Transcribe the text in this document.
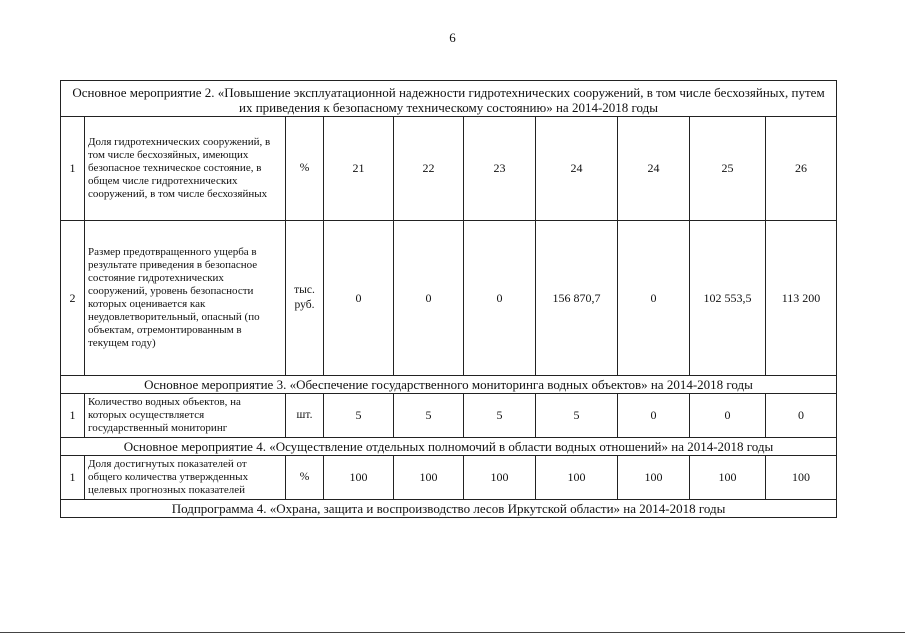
6
Основное мероприятие 2. «Повышение эксплуатационной надежности гидротехнических сооружений, в том числе бесхозяйных, путем их приведения к безопасному техническому состоянию» на 2014-2018 годы									
1	Доля гидротехнических сооружений, в том числе бесхозяйных, имеющих безопасное техническое состояние, в общем числе гидротехнических сооружений, в том числе бесхозяйных	%	21	22	23	24	24	25	26
2	Размер предотвращенного ущерба в результате приведения в безопасное состояние гидротехнических сооружений, уровень безопасности которых оценивается как неудовлетворительный, опасный (по объектам, отремонтированным в текущем году)	тыс. руб.	0	0	0	156 870,7	0	102 553,5	113 200
Основное мероприятие 3. «Обеспечение государственного мониторинга водных объектов» на 2014-2018 годы									
1	Количество водных объектов, на которых осуществляется государственный мониторинг	шт.	5	5	5	5	0	0	0
Основное мероприятие 4. «Осуществление отдельных полномочий в области водных отношений» на 2014-2018 годы									
1	Доля достигнутых показателей от общего количества утвержденных целевых прогнозных показателей	%	100	100	100	100	100	100	100
Подпрограмма 4. «Охрана, защита и воспроизводство лесов Иркутской области» на 2014-2018 годы									
